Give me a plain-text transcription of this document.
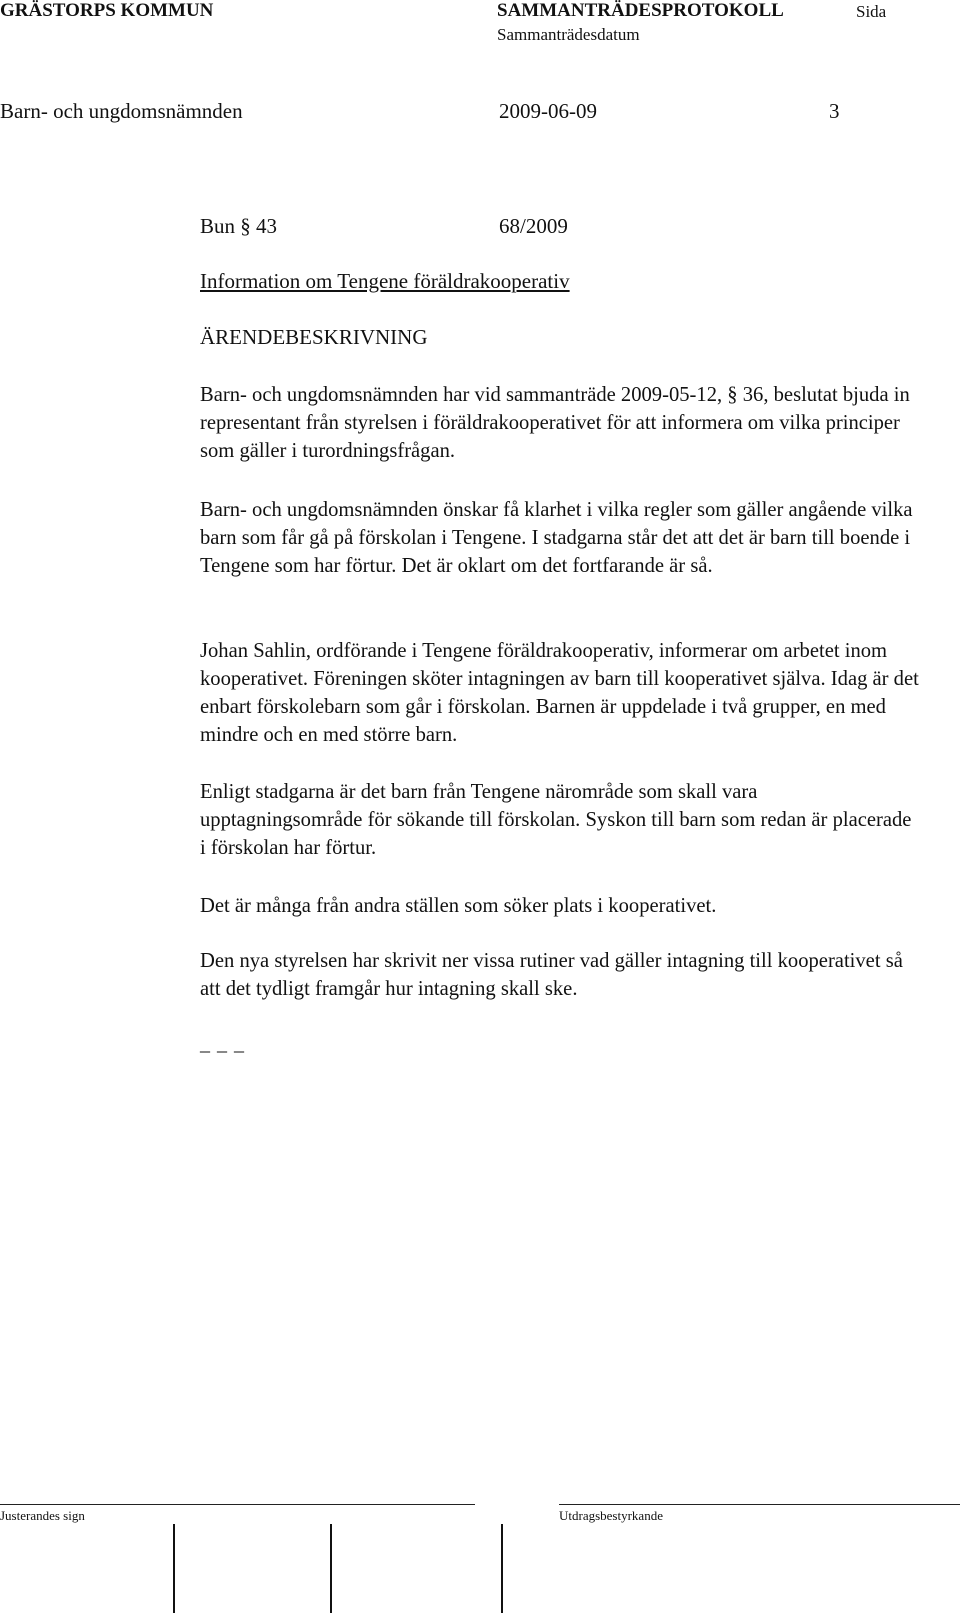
GRÄSTORPS KOMMUN	SAMMANTRÄDESPROTOKOLL	Sida
Sammanträdesdatum
Barn- och ungdomsnämnden	2009-06-09	3
Bun § 43	68/2009
Information om Tengene föräldrakooperativ
ÄRENDEBESKRIVNING

Barn- och ungdomsnämnden har vid sammanträde 2009-05-12, § 36, beslutat bjuda in representant från styrelsen i föräldrakooperativet för att informera om vilka principer som gäller i turordningsfrågan.

Barn- och ungdomsnämnden önskar få klarhet i vilka regler som gäller angående vilka barn som får gå på förskolan i Tengene. I stadgarna står det att det är barn till boende i Tengene som har förtur. Det är oklart om det fortfarande är så.

Johan Sahlin, ordförande i Tengene föräldrakooperativ, informerar om arbetet inom kooperativet. Föreningen sköter intagningen av barn till kooperativet själva. Idag är det enbart förskolebarn som går i förskolan. Barnen är uppdelade i två grupper, en med mindre och en med större barn.

Enligt stadgarna är det barn från Tengene närområde som skall vara upptagningsområde för sökande till förskolan. Syskon till barn som redan är placerade i förskolan har förtur.

Det är många från andra ställen som söker plats i kooperativet.

Den nya styrelsen har skrivit ner vissa rutiner vad gäller intagning till kooperativet så att det tydligt framgår hur intagning skall ske.

_ _ _
Justerandes sign	Utdragsbestyrkande
